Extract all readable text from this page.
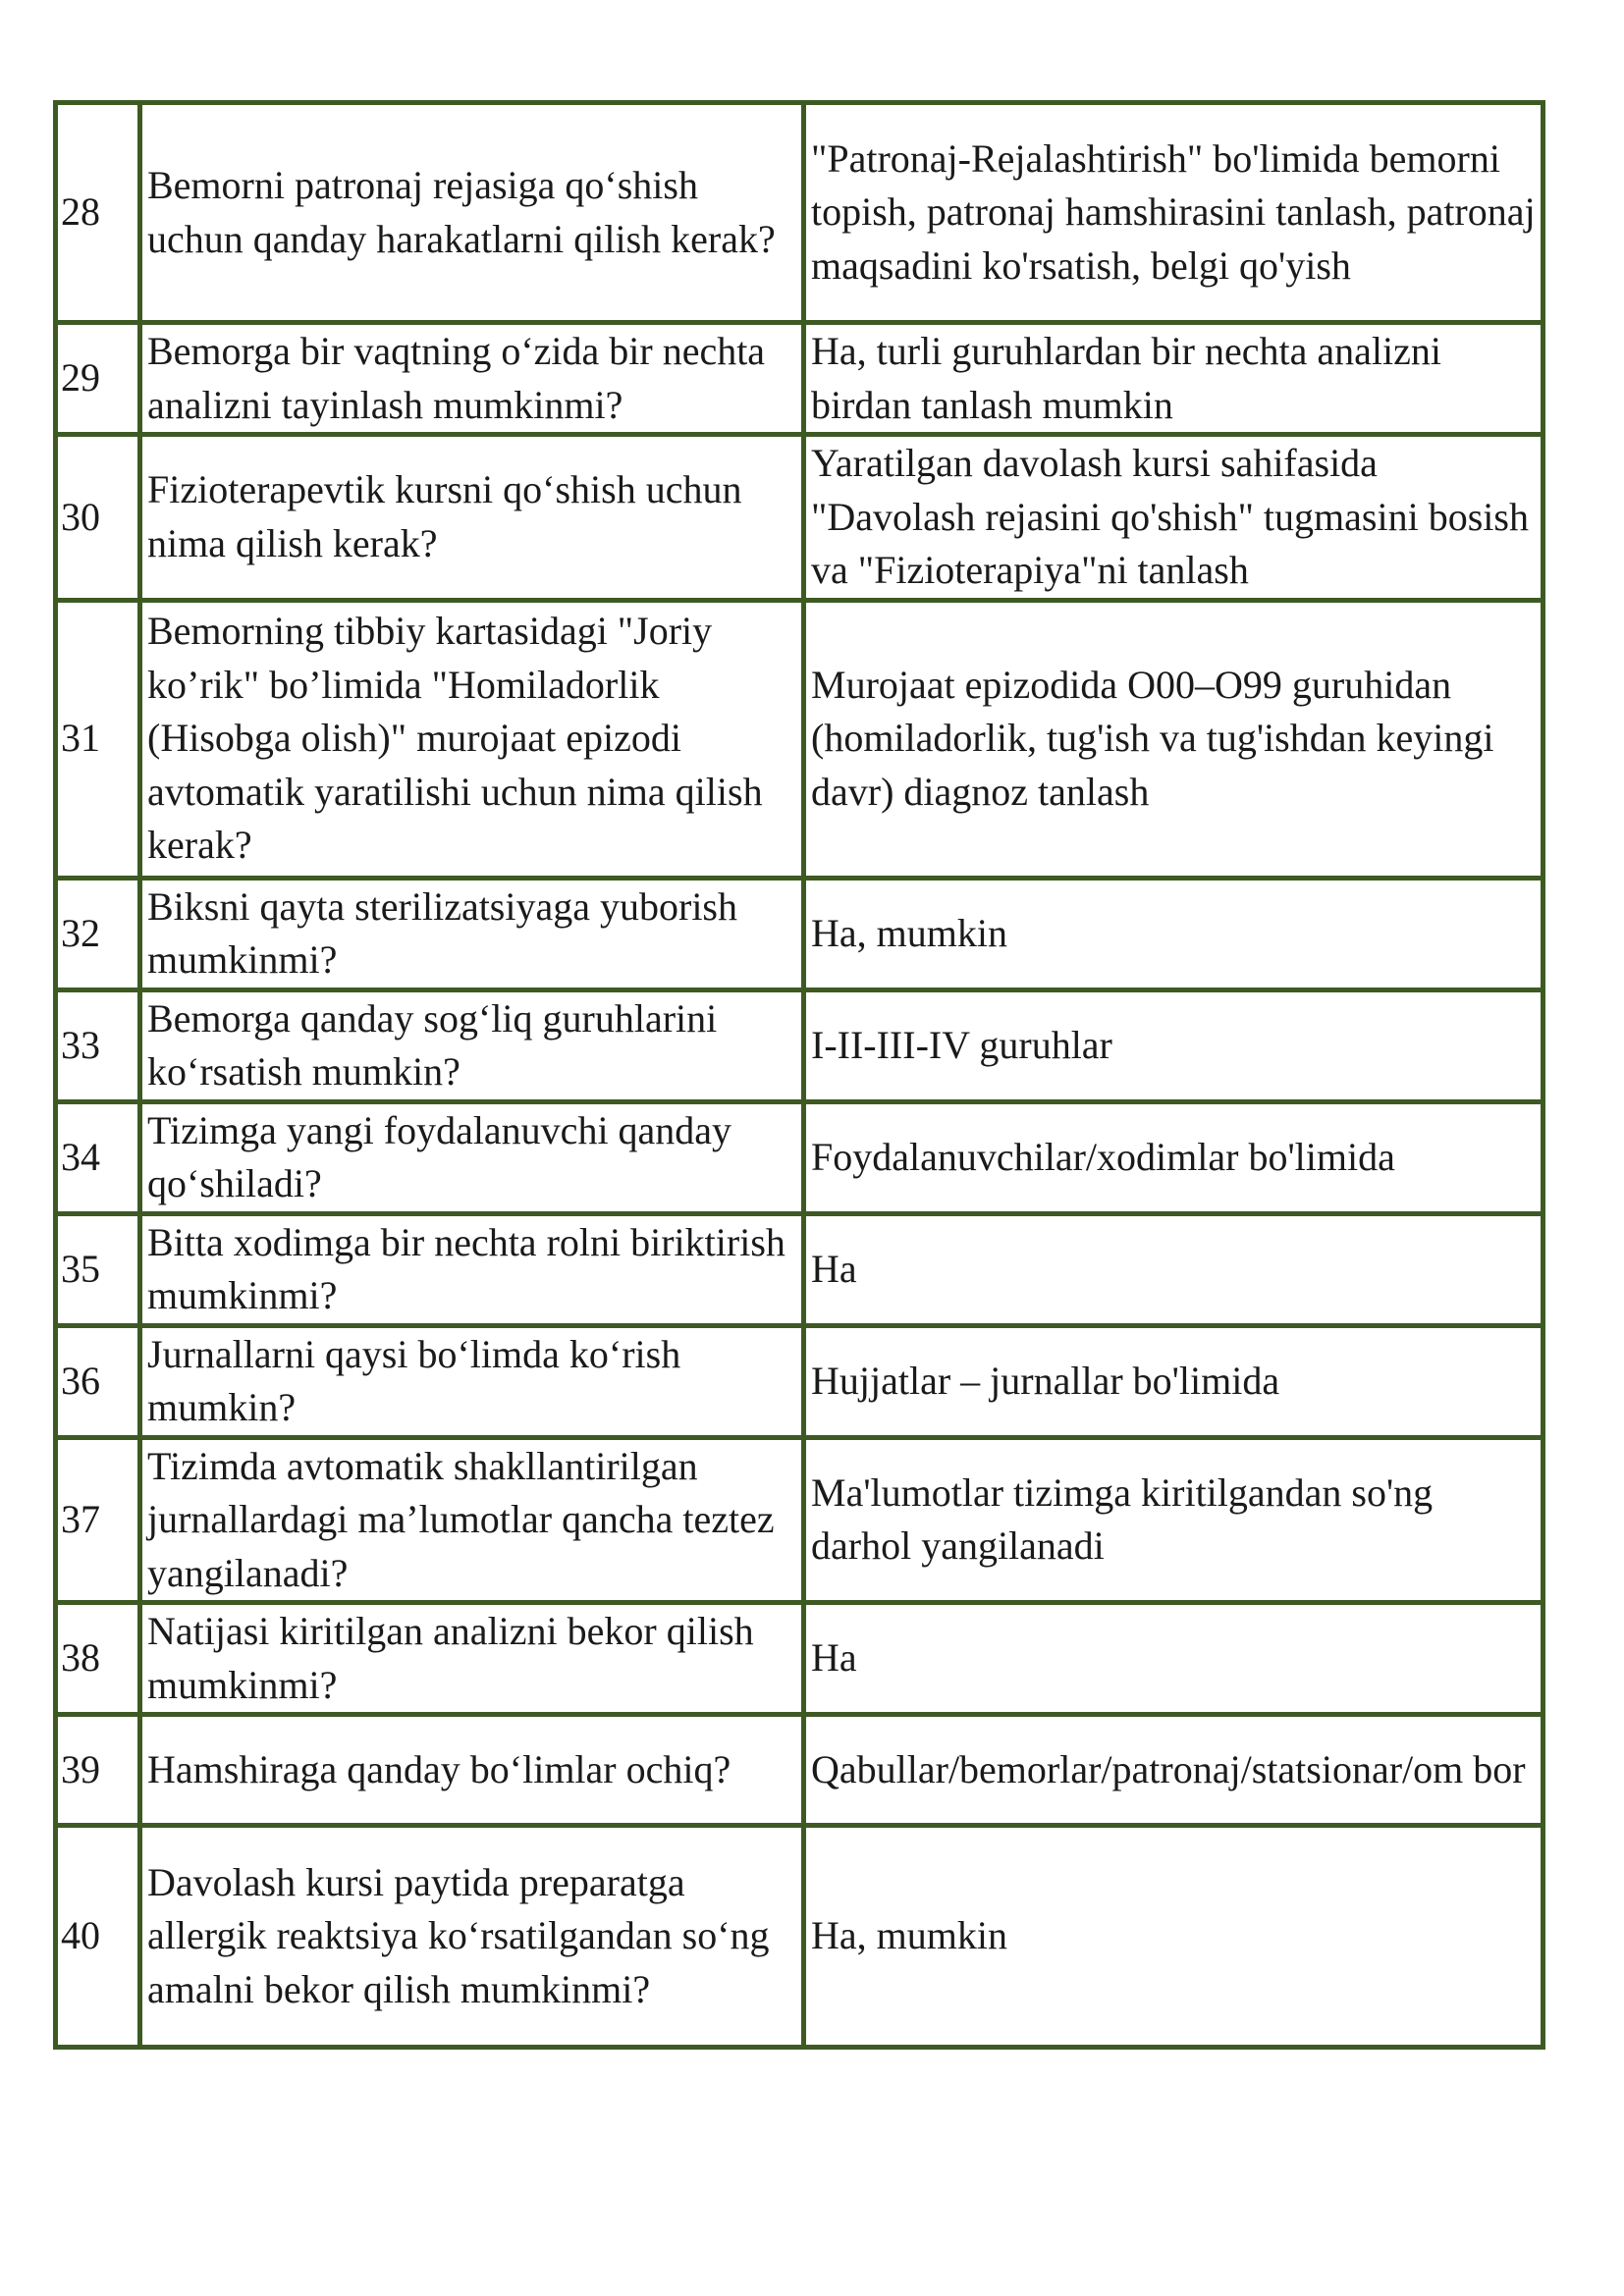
28	Bemorni patronaj rejasiga qo‘shish uchun qanday harakatlarni qilish kerak?	"Patronaj-Rejalashtirish" bo'limida bemorni topish, patronaj hamshirasini tanlash, patronaj maqsadini ko'rsatish, belgi qo'yish
29	Bemorga bir vaqtning o‘zida bir nechta analizni tayinlash mumkinmi?	Ha, turli guruhlardan bir nechta analizni birdan tanlash mumkin
30	Fizioterapevtik kursni qo‘shish uchun nima qilish kerak?	Yaratilgan davolash kursi sahifasida "Davolash rejasini qo'shish" tugmasini bosish va "Fizioterapiya"ni tanlash
31	Bemorning tibbiy kartasidagi "Joriy ko’rik" bo’limida "Homiladorlik (Hisobga olish)" murojaat epizodi avtomatik yaratilishi uchun nima qilish kerak?	Murojaat epizodida O00–O99 guruhidan (homiladorlik, tug'ish va tug'ishdan keyingi davr) diagnoz tanlash
32	Biksni qayta sterilizatsiyaga yuborish mumkinmi?	Ha, mumkin
33	Bemorga qanday sog‘liq guruhlarini ko‘rsatish mumkin?	I-II-III-IV guruhlar
34	Tizimga yangi foydalanuvchi qanday qo‘shiladi?	Foydalanuvchilar/xodimlar bo'limida
35	Bitta xodimga bir nechta rolni biriktirish mumkinmi?	Ha
36	Jurnallarni qaysi bo‘limda ko‘rish mumkin?	Hujjatlar – jurnallar bo'limida
37	Tizimda avtomatik shakllantirilgan jurnallardagi ma’lumotlar qancha teztez yangilanadi?	Ma'lumotlar tizimga kiritilgandan so'ng darhol yangilanadi
38	Natijasi kiritilgan analizni bekor qilish mumkinmi?	Ha
39	Hamshiraga qanday bo‘limlar ochiq?	Qabullar/bemorlar/patronaj/statsionar/om bor
40	Davolash kursi paytida preparatga allergik reaktsiya ko‘rsatilgandan so‘ng amalni bekor qilish mumkinmi?	Ha, mumkin
